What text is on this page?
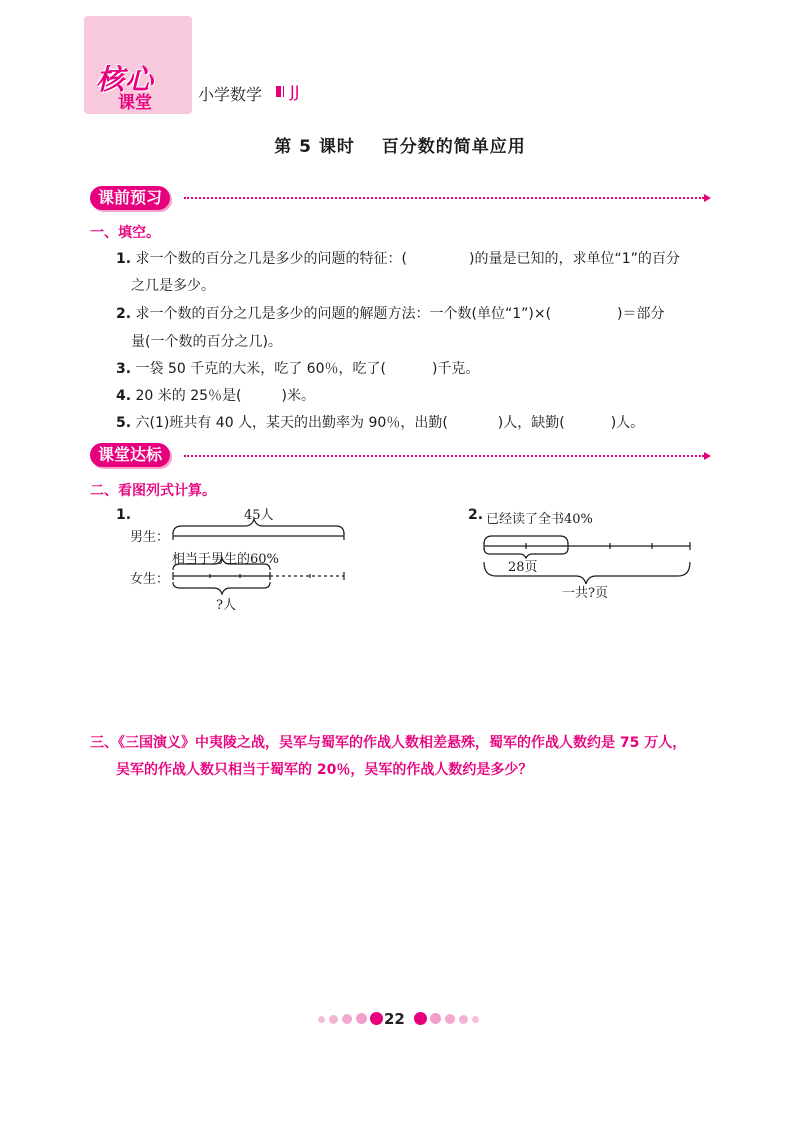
核心
课堂	小学数学 JJ
第 5 课时 百分数的简单应用
课前预习
一、填空。
1. 求一个数的百分之几是多少的问题的特征：(	)的量是已知的，求单位“1”的百分
之几是多少。
2. 求一个数的百分之几是多少的问题的解题方法：一个数(单位“1”)×(	)＝部分
量(一个数的百分之几)。
3. 一袋 50 千克的大米，吃了 60％，吃了(	)千克。
4. 20 米的 25％是(	)米。
5. 六(1)班共有 40 人，某天的出勤率为 90％，出勤(	)人，缺勤(	)人。
课堂达标
二、看图列式计算。
1.	45人
男生：
相当于男生的60%
女生：
?人
2. 已经读了全书40%
28页
一共?页
三、《三国演义》中夷陵之战，吴军与蜀军的作战人数相差悬殊，蜀军的作战人数约是 75 万人，
吴军的作战人数只相当于蜀军的 20％，吴军的作战人数约是多少？
22
